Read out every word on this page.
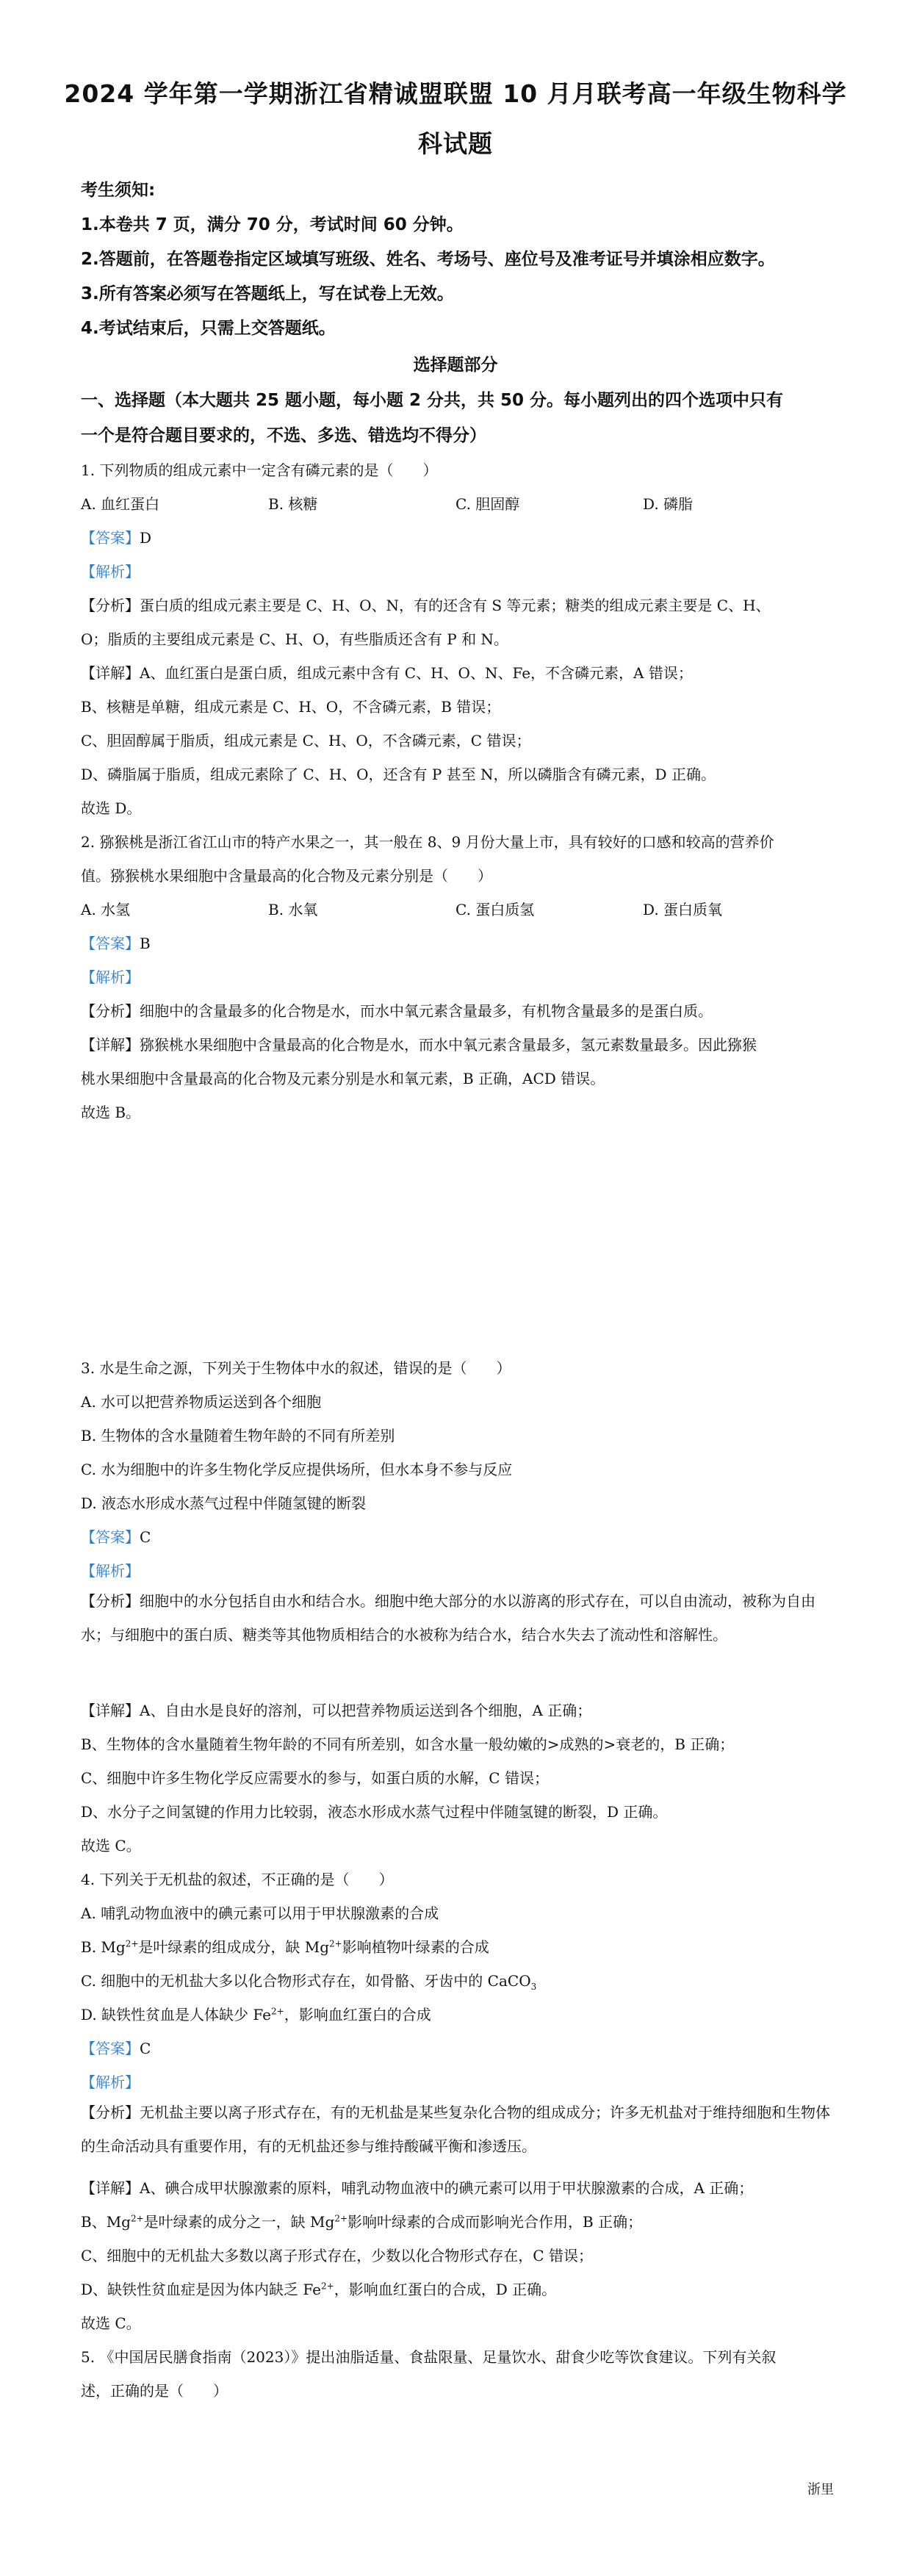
2024 学年第一学期浙江省精诚盟联盟 10 月月联考高一年级生物科学
科试题
考生须知:
1.本卷共 7 页，满分 70 分，考试时间 60 分钟。
2.答题前，在答题卷指定区域填写班级、姓名、考场号、座位号及准考证号并填涂相应数字。
3.所有答案必须写在答题纸上，写在试卷上无效。
4.考试结束后，只需上交答题纸。
选择题部分
一、选择题（本大题共 25 题小题，每小题 2 分共，共 50 分。每小题列出的四个选项中只有
一个是符合题目要求的，不选、多选、错选均不得分）
1. 下列物质的组成元素中一定含有磷元素的是（　　）
A. 血红蛋白	B. 核糖	C. 胆固醇	D. 磷脂
【答案】D
【解析】
【分析】蛋白质的组成元素主要是 C、H、O、N，有的还含有 S 等元素；糖类的组成元素主要是 C、H、
O；脂质的主要组成元素是 C、H、O，有些脂质还含有 P 和 N。
【详解】A、血红蛋白是蛋白质，组成元素中含有 C、H、O、N、Fe，不含磷元素，A 错误；
B、核糖是单糖，组成元素是 C、H、O，不含磷元素，B 错误；
C、胆固醇属于脂质，组成元素是 C、H、O，不含磷元素，C 错误；
D、磷脂属于脂质，组成元素除了 C、H、O，还含有 P 甚至 N，所以磷脂含有磷元素，D 正确。
故选 D。
2. 猕猴桃是浙江省江山市的特产水果之一，其一般在 8、9 月份大量上市，具有较好的口感和较高的营养价
值。猕猴桃水果细胞中含量最高的化合物及元素分别是（　　）
A. 水氢	B. 水氧	C. 蛋白质氢	D. 蛋白质氧
【答案】B
【解析】
【分析】细胞中的含量最多的化合物是水，而水中氧元素含量最多，有机物含量最多的是蛋白质。
【详解】猕猴桃水果细胞中含量最高的化合物是水，而水中氧元素含量最多，氢元素数量最多。因此猕猴
桃水果细胞中含量最高的化合物及元素分别是水和氧元素，B 正确，ACD 错误。
故选 B。
3. 水是生命之源，下列关于生物体中水的叙述，错误的是（　　）
A. 水可以把营养物质运送到各个细胞
B. 生物体的含水量随着生物年龄的不同有所差别
C. 水为细胞中的许多生物化学反应提供场所，但水本身不参与反应
D. 液态水形成水蒸气过程中伴随氢键的断裂
【答案】C
【解析】
【分析】细胞中的水分包括自由水和结合水。细胞中绝大部分的水以游离的形式存在，可以自由流动，被称为自由水；与细胞中的蛋白质、糖类等其他物质相结合的水被称为结合水，结合水失去了流动性和溶解性。
【详解】A、自由水是良好的溶剂，可以把营养物质运送到各个细胞，A 正确；
B、生物体的含水量随着生物年龄的不同有所差别，如含水量一般幼嫩的>成熟的>衰老的，B 正确；
C、细胞中许多生物化学反应需要水的参与，如蛋白质的水解，C 错误；
D、水分子之间氢键的作用力比较弱，液态水形成水蒸气过程中伴随氢键的断裂，D 正确。
故选 C。
4. 下列关于无机盐的叙述，不正确的是（　　）
A. 哺乳动物血液中的碘元素可以用于甲状腺激素的合成
B. $Mg^{2+}$是叶绿素的组成成分，缺 $Mg^{2+}$影响植物叶绿素的合成
C. 细胞中的无机盐大多以化合物形式存在，如骨骼、牙齿中的 CaCO$_3$
D. 缺铁性贫血是人体缺少 $Fe^{2+}$，影响血红蛋白的合成
【答案】C
【解析】
【分析】无机盐主要以离子形式存在，有的无机盐是某些复杂化合物的组成成分；许多无机盐对于维持细胞和生物体的生命活动具有重要作用，有的无机盐还参与维持酸碱平衡和渗透压。
【详解】A、碘合成甲状腺激素的原料，哺乳动物血液中的碘元素可以用于甲状腺激素的合成，A 正确；
B、$Mg^{2+}$是叶绿素的成分之一，缺 $Mg^{2+}$影响叶绿素的合成而影响光合作用，B 正确；
C、细胞中的无机盐大多数以离子形式存在，少数以化合物形式存在，C 错误；
D、缺铁性贫血症是因为体内缺乏 $Fe^{2+}$，影响血红蛋白的合成，D 正确。
故选 C。
5. 《中国居民膳食指南（2023）》提出油脂适量、食盐限量、足量饮水、甜食少吃等饮食建议。下列有关叙
述，正确的是（　　）
浙里
